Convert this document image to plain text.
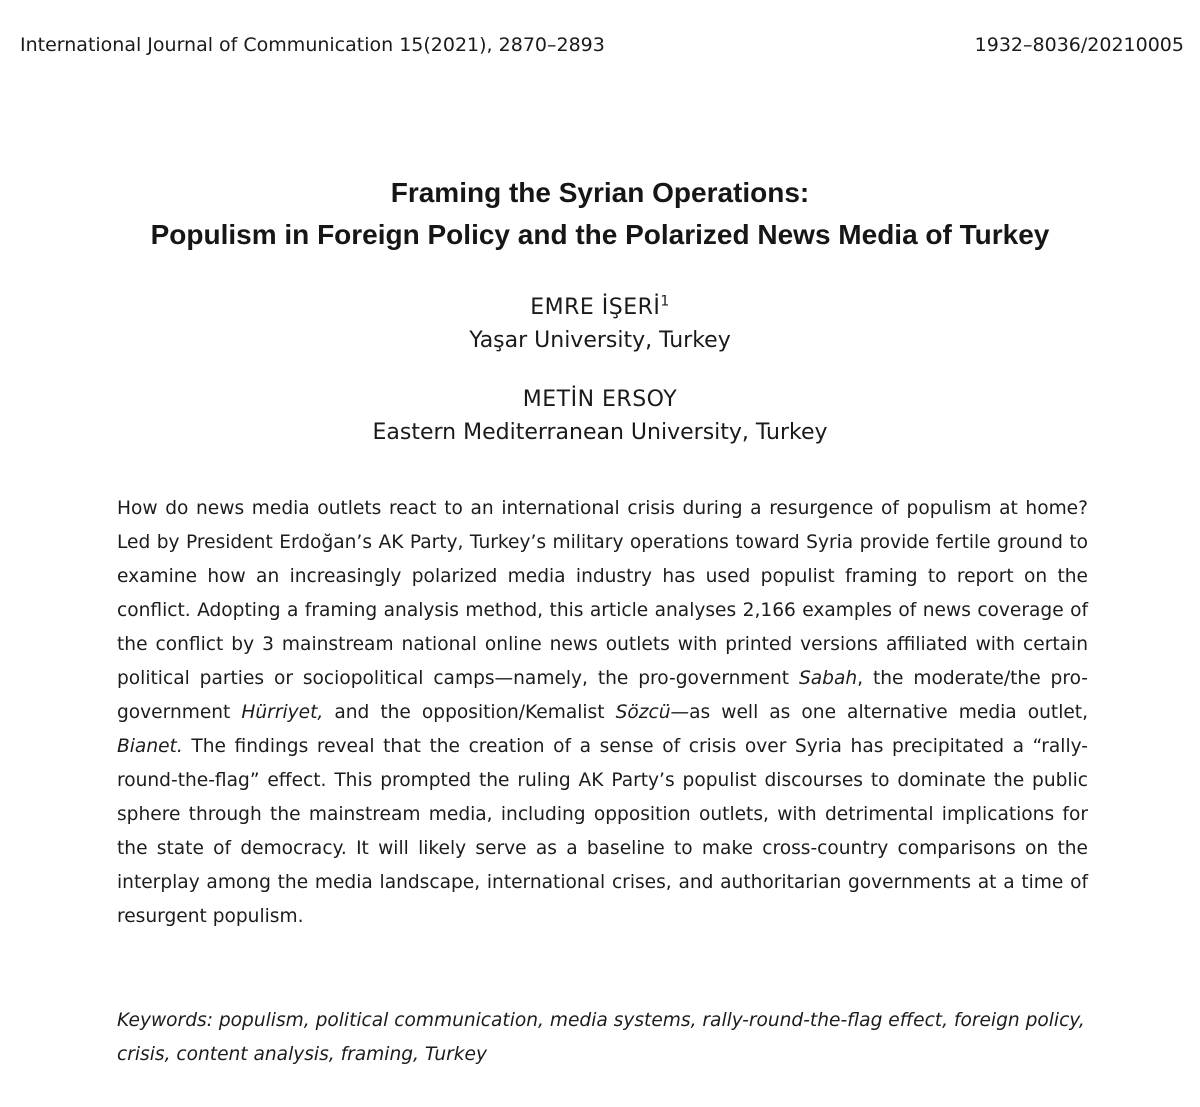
International Journal of Communication 15(2021), 2870–2893	1932–8036/20210005
Framing the Syrian Operations:
Populism in Foreign Policy and the Polarized News Media of Turkey
EMRE İŞERİ$^1$
Yaşar University, Turkey
METİN ERSOY
Eastern Mediterranean University, Turkey

How do news media outlets react to an international crisis during a resurgence of populism at home? Led by President Erdoğan’s AK Party, Turkey’s military operations toward Syria provide fertile ground to examine how an increasingly polarized media industry has used populist framing to report on the conflict. Adopting a framing analysis method, this article analyses 2,166 examples of news coverage of the conflict by 3 mainstream national online news outlets with printed versions affiliated with certain political parties or sociopolitical camps—namely, the pro-government Sabah, the moderate/the pro-government Hürriyet, and the opposition/Kemalist Sözcü—as well as one alternative media outlet, Bianet. The findings reveal that the creation of a sense of crisis over Syria has precipitated a “rally-round-the-flag” effect. This prompted the ruling AK Party’s populist discourses to dominate the public sphere through the mainstream media, including opposition outlets, with detrimental implications for the state of democracy. It will likely serve as a baseline to make cross-country comparisons on the interplay among the media landscape, international crises, and authoritarian governments at a time of resurgent populism.

Keywords: populism, political communication, media systems, rally-round-the-flag effect, foreign policy, crisis, content analysis, framing, Turkey
